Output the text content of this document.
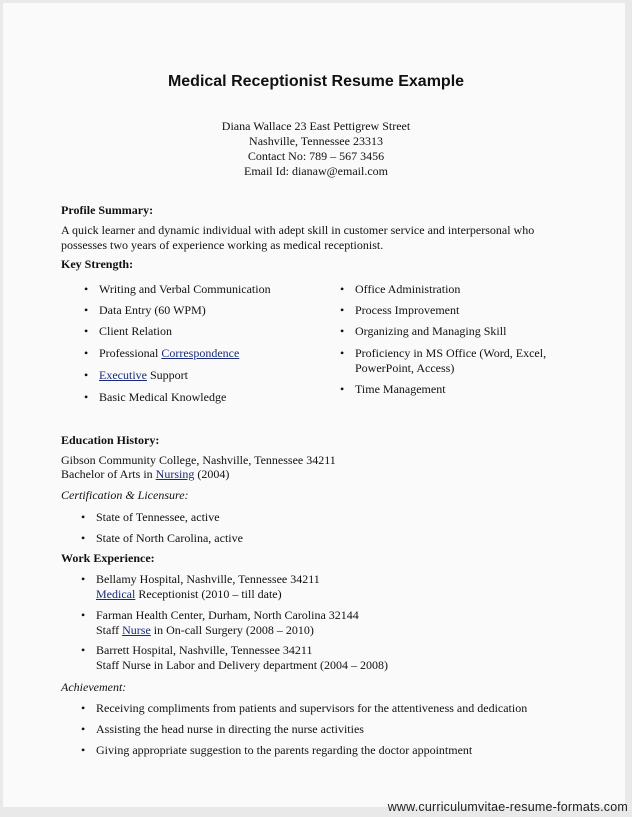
Medical Receptionist Resume Example
Diana Wallace 23 East Pettigrew Street
Nashville, Tennessee 23313
Contact No: 789 – 567 3456
Email Id: dianaw@email.com
Profile Summary:
A quick learner and dynamic individual with adept skill in customer service and interpersonal who
possesses two years of experience working as medical receptionist.
Key Strength:
• Writing and Verbal Communication
• Data Entry (60 WPM)
• Client Relation
• Professional Correspondence
• Executive Support
• Basic Medical Knowledge
• Office Administration
• Process Improvement
• Organizing and Managing Skill
• Proficiency in MS Office (Word, Excel,
PowerPoint, Access)
• Time Management
Education History:
Gibson Community College, Nashville, Tennessee 34211
Bachelor of Arts in Nursing (2004)
Certification & Licensure:
• State of Tennessee, active
• State of North Carolina, active
Work Experience:
• Bellamy Hospital, Nashville, Tennessee 34211
Medical Receptionist (2010 – till date)
• Farman Health Center, Durham, North Carolina 32144
Staff Nurse in On-call Surgery (2008 – 2010)
• Barrett Hospital, Nashville, Tennessee 34211
Staff Nurse in Labor and Delivery department (2004 – 2008)
Achievement:
• Receiving compliments from patients and supervisors for the attentiveness and dedication
• Assisting the head nurse in directing the nurse activities
• Giving appropriate suggestion to the parents regarding the doctor appointment
www.curriculumvitae-resume-formats.com
